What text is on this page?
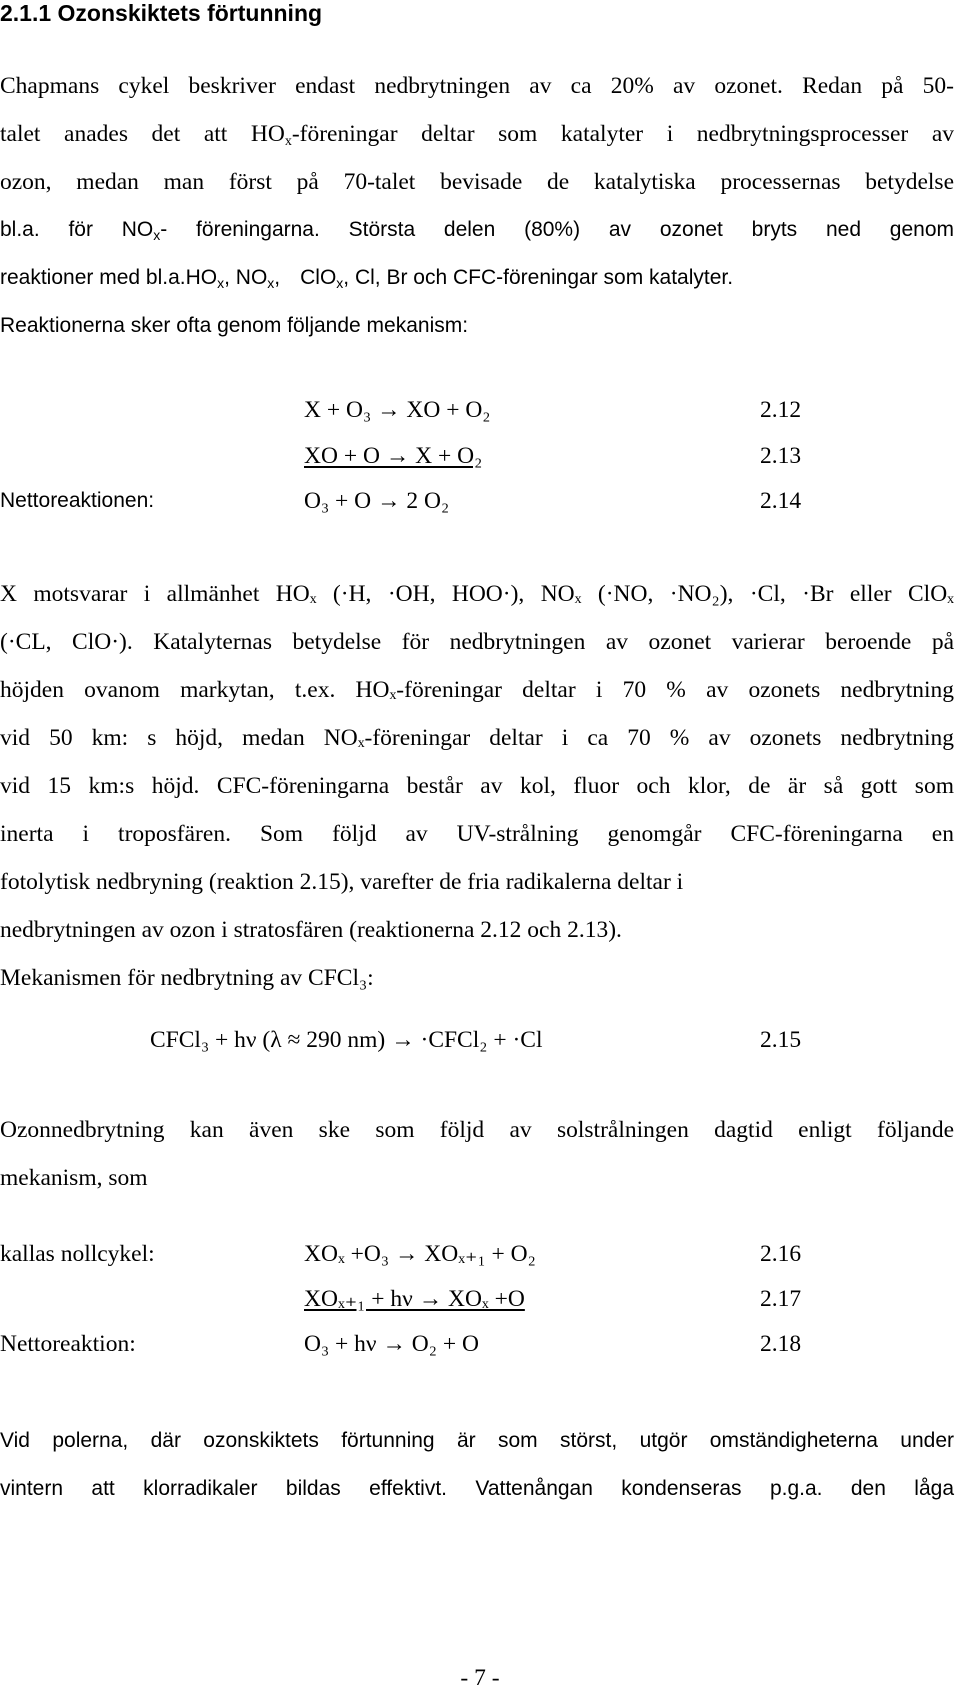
2.1.1 Ozonskiktets förtunning
Chapmans cykel beskriver endast nedbrytningen av ca 20% av ozonet. Redan på 50-
talet anades det att $HO_x$-föreningar deltar som katalyter i nedbrytningsprocesser av
ozon, medan man först på 70-talet bevisade de katalytiska processernas betydelse
bl.a. för $NO_x-$ föreningarna. Största delen (80%) av ozonet bryts ned genom
reaktioner med $bl.a.HO_x$, $NO_x$, ClO$_x$, Cl, Br och CFC-föreningar som katalyter.
Reaktionerna sker ofta genom följande mekanism:
X + O₃ → XO + O₂	2.12
XO + O → X + O₂	2.13
Nettoreaktionen:	O₃ + O → 2 O₂	2.14
X motsvarar i allmänhet HOₓ (·H, ·OH, HOO·), NOₓ (·NO, ·NO₂), ·Cl, ·Br eller ClOₓ
(·CL, ClO·). Katalyternas betydelse för nedbrytningen av ozonet varierar beroende på
höjden ovanom markytan, t.ex. HOₓ-föreningar deltar i 70 % av ozonets nedbrytning
vid 50 km: s höjd, medan NOₓ-föreningar deltar i ca 70 % av ozonets nedbrytning
vid 15 km:s höjd. CFC-föreningarna består av kol, fluor och klor, de är så gott som
inerta i troposfären. Som följd av UV-strålning genomgår CFC-föreningarna en
fotolytisk nedbryning (reaktion 2.15), varefter de fria radikalerna deltar i
nedbrytningen av ozon i stratosfären (reaktionerna 2.12 och 2.13).
Mekanismen för nedbrytning av CFCl₃:
CFCl₃ + hν (λ ≈ 290 nm) → ·CFCl₂ + ·Cl	2.15
Ozonnedbrytning kan även ske som följd av solstrålningen dagtid enligt följande
mekanism, som
kallas nollcykel:	XOₓ +O₃ → XOₓ₊₁ + O₂	2.16
XOₓ₊₁ + hν → XOₓ +O	2.17
Nettoreaktion:	O₃ + hν → O₂ + O	2.18
Vid polerna, där ozonskiktets förtunning är som störst, utgör omständigheterna under
vintern att klorradikaler bildas effektivt. Vattenångan kondenseras p.g.a. den låga
- 7 -
